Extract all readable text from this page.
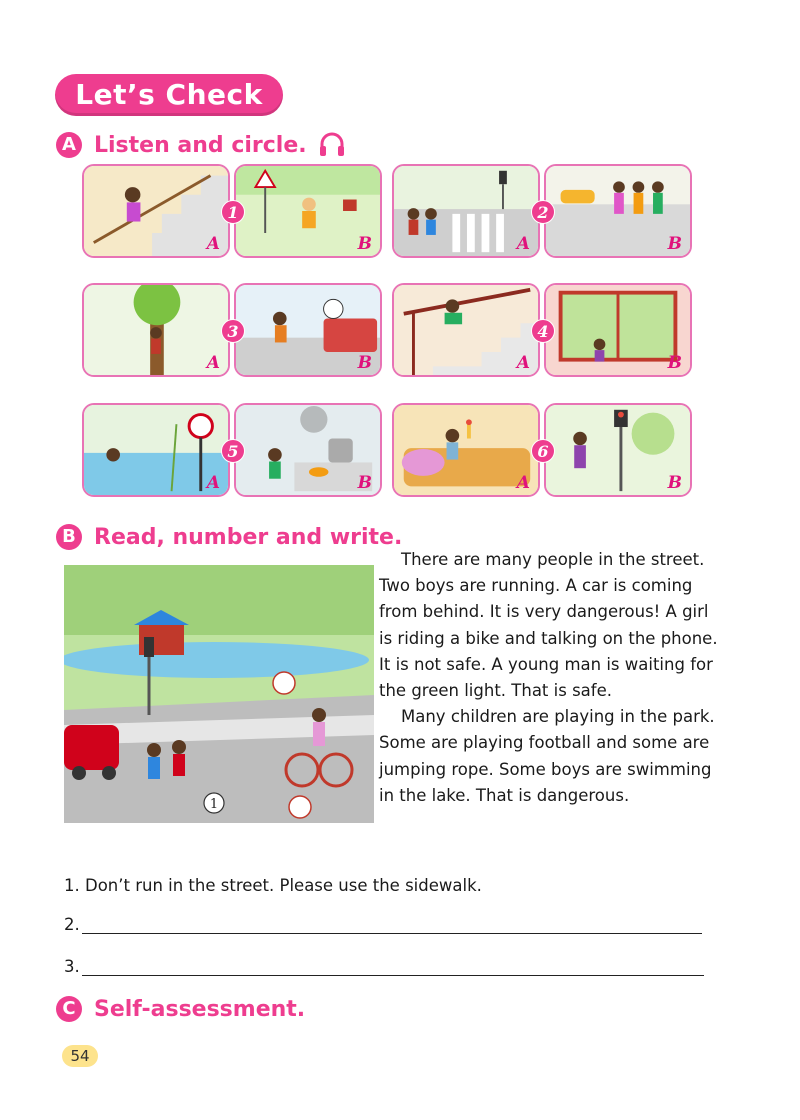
Let’s Check
A Listen and circle.
A	B
1
A	B
2
A	B
3
A	B
4
A	B
5
A	B
6
B Read, number and write.
1

There are many people in the street. Two boys are running. A car is coming from behind. It is very dangerous! A girl is riding a bike and talking on the phone. It is not safe. A young man is waiting for the green light. That is safe.

Many children are playing in the park. Some are playing football and some are jumping rope. Some boys are swimming in the lake. That is dangerous.

1. Don’t run in the street. Please use the sidewalk.
2.
3.
C Self-assessment.
54
